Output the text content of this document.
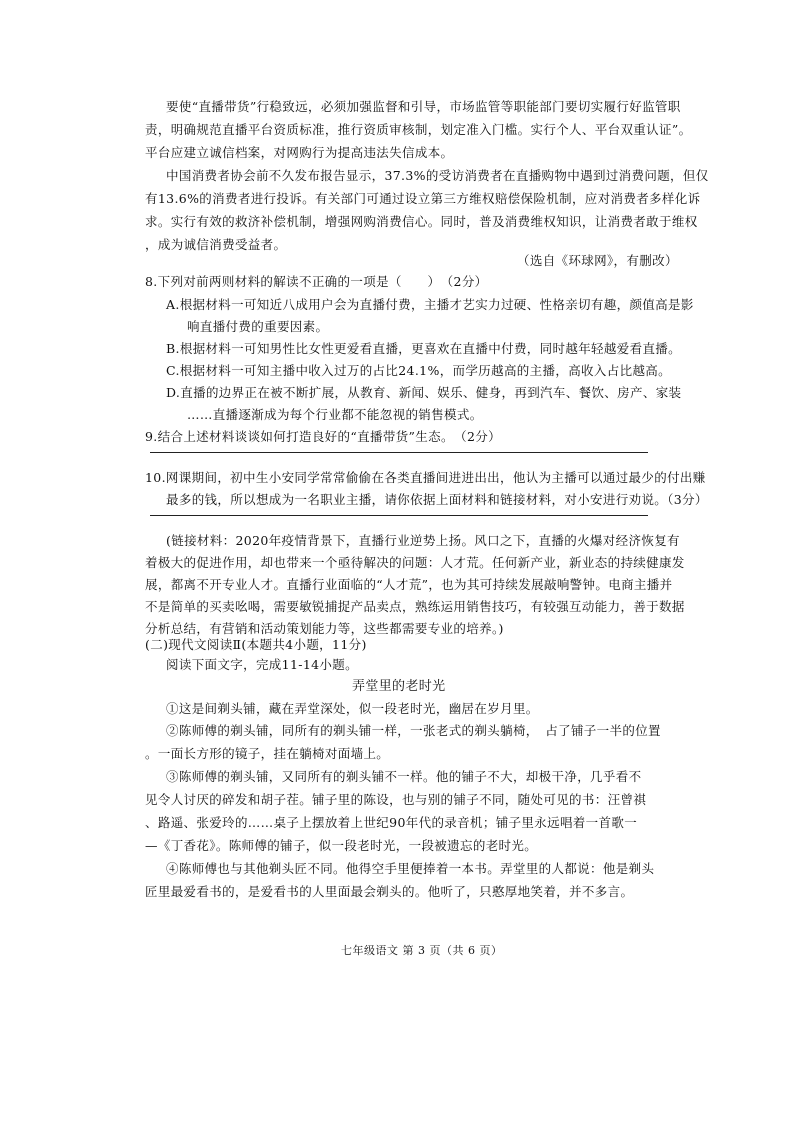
要使“直播带货”行稳致远，必须加强监督和引导，市场监管等职能部门要切实履行好监管职
责，明确规范直播平台资质标准，推行资质审核制，划定准入门槛。实行个人、平台双重认证”。
平台应建立诚信档案，对网购行为提高违法失信成本。
中国消费者协会前不久发布报告显示，37.3%的受访消费者在直播购物中遇到过消费问题，但仅
有13.6%的消费者进行投诉。有关部门可通过设立第三方维权赔偿保险机制，应对消费者多样化诉
求。实行有效的救济补偿机制，增强网购消费信心。同时，普及消费维权知识，让消费者敢于维权
，成为诚信消费受益者。
（选自《环球网》，有删改）
8.下列对前两则材料的解读不正确的一项是（　　）　（2分）
A.根据材料一可知近八成用户会为直播付费，主播才艺实力过硬、性格亲切有趣，颜值高是影
响直播付费的重要因素。
B.根据材料一可知男性比女性更爱看直播，更喜欢在直播中付费，同时越年轻越爱看直播。
C.根据材料一可知主播中收入过万的占比24.1%，而学历越高的主播，高收入占比越高。
D.直播的边界正在被不断扩展，从教育、新闻、娱乐、健身，再到汽车、餐饮、房产、家装
……直播逐渐成为每个行业都不能忽视的销售模式。
9.结合上述材料谈谈如何打造良好的“直播带货”生态。　（2分）
10.网课期间，初中生小安同学常常偷偷在各类直播间进进出出，他认为主播可以通过最少的付出赚
最多的钱，所以想成为一名职业主播，请你依据上面材料和链接材料，对小安进行劝说。（3分）
(链接材料：2020年疫情背景下，直播行业逆势上扬。风口之下，直播的火爆对经济恢复有
着极大的促进作用，却也带来一个亟待解决的问题：人才荒。任何新产业，新业态的持续健康发
展，都离不开专业人才。直播行业面临的“人才荒”，也为其可持续发展敲响警钟。电商主播并
不是简单的买卖吆喝，需要敏锐捕捉产品卖点，熟练运用销售技巧，有较强互动能力，善于数据
分析总结，有营销和活动策划能力等，这些都需要专业的培养。)
(二)现代文阅读Ⅱ(本题共4小题，11分)
阅读下面文字，完成11-14小题。
弄堂里的老时光
①这是间剃头铺，藏在弄堂深处，似一段老时光，幽居在岁月里。
②陈师傅的剃头铺，同所有的剃头铺一样，一张老式的剃头躺椅，　占了铺子一半的位置
。一面长方形的镜子，挂在躺椅对面墙上。
③陈师傅的剃头铺，又同所有的剃头铺不一样。他的铺子不大，却极干净，几乎看不
见令人讨厌的碎发和胡子茬。铺子里的陈设，也与别的铺子不同，随处可见的书：汪曾祺
、路遥、张爱玲的……桌子上摆放着上世纪90年代的录音机；铺子里永远唱着一首歌一
—《丁香花》。陈师傅的铺子，似一段老时光，一段被遗忘的老时光。
④陈师傅也与其他剃头匠不同。他得空手里便捧着一本书。弄堂里的人都说：他是剃头
匠里最爱看书的，是爱看书的人里面最会剃头的。他听了，只憨厚地笑着，并不多言。
七年级语文 第 3 页（共 6 页）
